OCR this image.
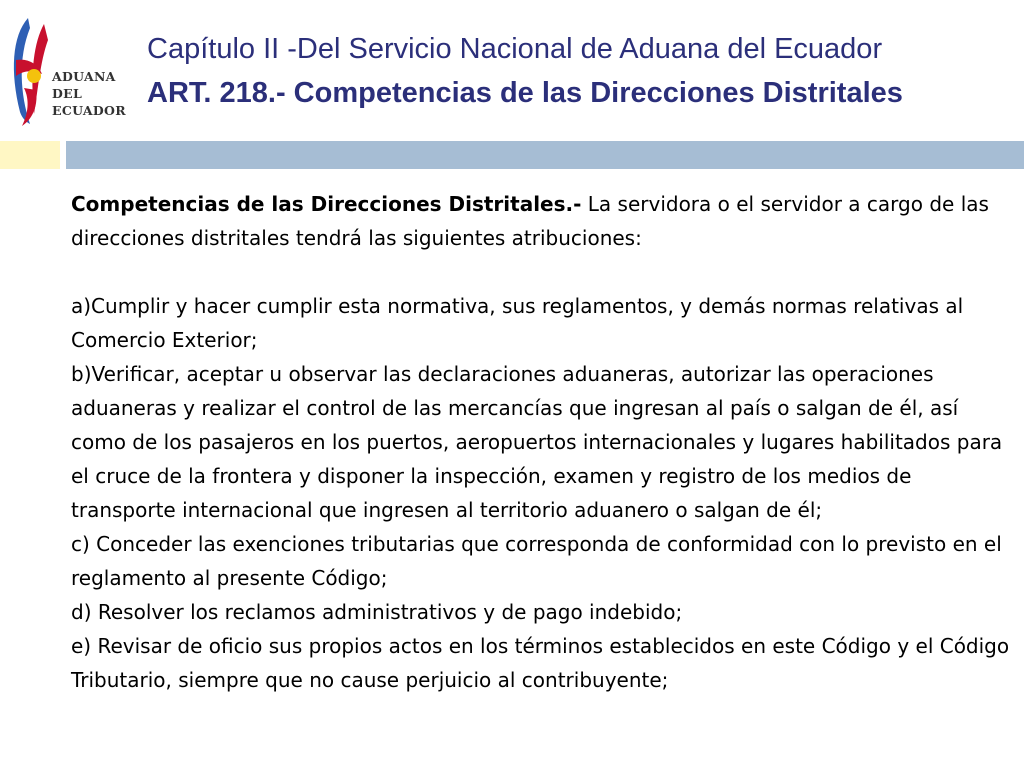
ADUANA
DEL
ECUADOR
Capítulo II -Del Servicio Nacional de Aduana del Ecuador
ART. 218.- Competencias de las Direcciones Distritales

Competencias de las Direcciones Distritales.- La servidora o el servidor a cargo de las direcciones distritales tendrá las siguientes atribuciones:

a)Cumplir y hacer cumplir esta normativa, sus reglamentos, y demás normas relativas al Comercio Exterior;

b)Verificar, aceptar u observar las declaraciones aduaneras, autorizar las operaciones aduaneras y realizar el control de las mercancías que ingresan al país o salgan de él, así como de los pasajeros en los puertos, aeropuertos internacionales y lugares habilitados para el cruce de la frontera y disponer la inspección, examen y registro de los medios de transporte internacional que ingresen al territorio aduanero o salgan de él;

c) Conceder las exenciones tributarias que corresponda de conformidad con lo previsto en el reglamento al presente Código;

d) Resolver los reclamos administrativos y de pago indebido;

e) Revisar de oficio sus propios actos en los términos establecidos en este Código y el Código Tributario, siempre que no cause perjuicio al contribuyente;
